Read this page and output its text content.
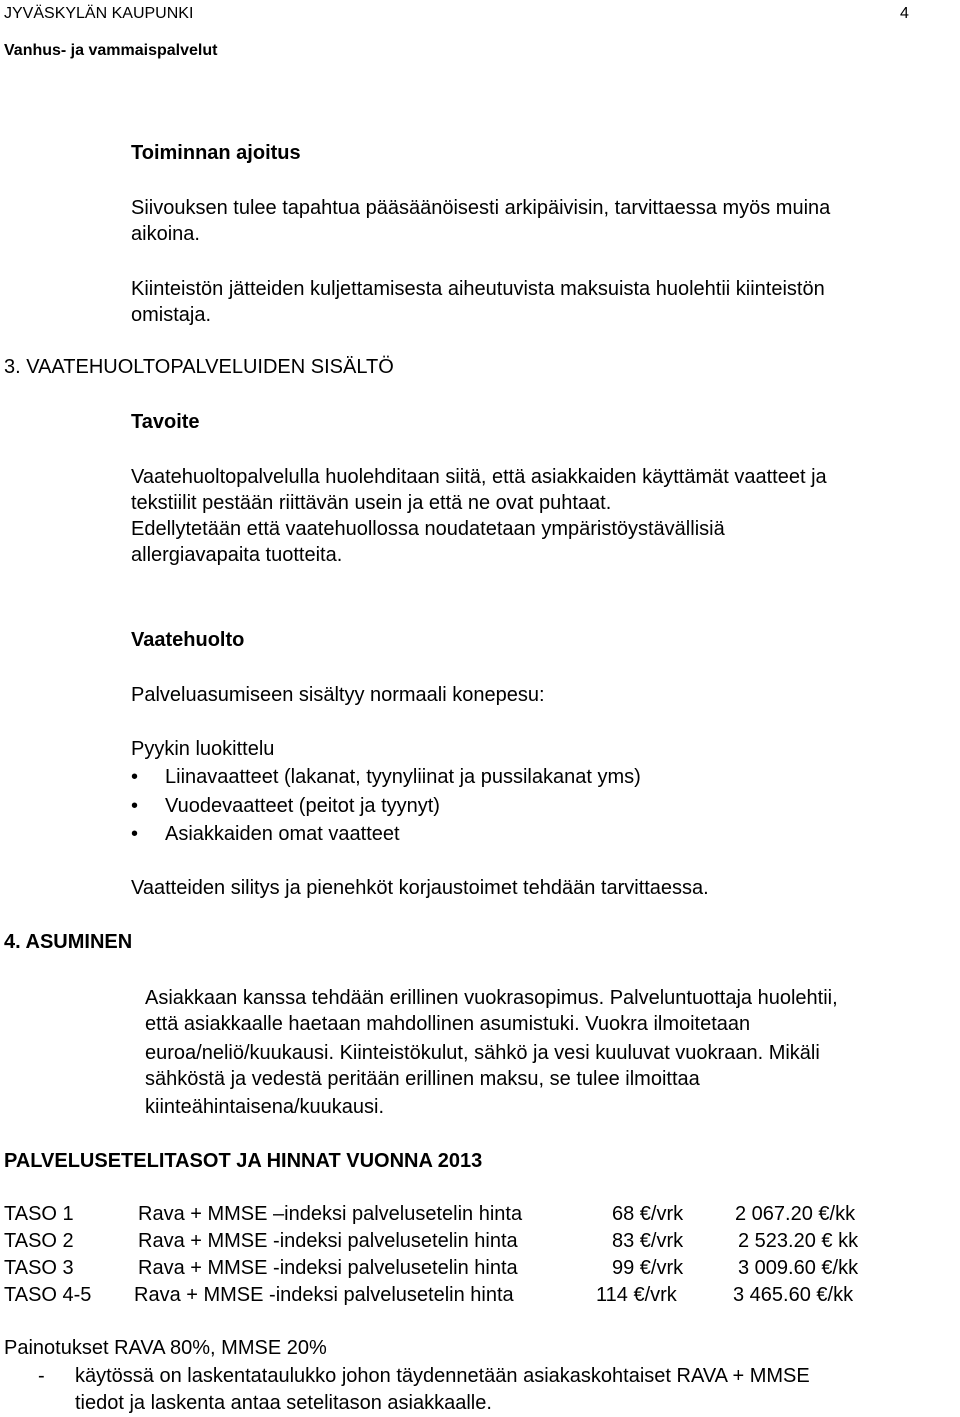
JYVÄSKYLÄN KAUPUNKI	4
Vanhus- ja vammaispalvelut
Toiminnan ajoitus
Siivouksen tulee tapahtua pääsäänöisesti arkipäivisin, tarvittaessa myös muina
aikoina.
Kiinteistön jätteiden kuljettamisesta aiheutuvista maksuista huolehtii kiinteistön
omistaja.
3. VAATEHUOLTOPALVELUIDEN SISÄLTÖ
Tavoite
Vaatehuoltopalvelulla huolehditaan siitä, että asiakkaiden käyttämät vaatteet ja
tekstiilit pestään riittävän usein ja että ne ovat puhtaat.
Edellytetään että vaatehuollossa noudatetaan ympäristöystävällisiä
allergiavapaita tuotteita.
Vaatehuolto
Palveluasumiseen sisältyy normaali konepesu:
Pyykin luokittelu
•	Liinavaatteet (lakanat, tyynyliinat ja pussilakanat yms)
•	Vuodevaatteet (peitot ja tyynyt)
•	Asiakkaiden omat vaatteet
Vaatteiden silitys ja pienehköt korjaustoimet tehdään tarvittaessa.
4. ASUMINEN
Asiakkaan kanssa tehdään erillinen vuokrasopimus. Palveluntuottaja huolehtii,
että asiakkaalle haetaan mahdollinen asumistuki. Vuokra ilmoitetaan
euroa/neliö/kuukausi. Kiinteistökulut, sähkö ja vesi kuuluvat vuokraan. Mikäli
sähköstä ja vedestä peritään erillinen maksu, se tulee ilmoittaa
kiinteähintaisena/kuukausi.
PALVELUSETELITASOT JA HINNAT VUONNA 2013
TASO 1	Rava + MMSE –indeksi palvelusetelin hinta	68 €/vrk	2 067.20 €/kk
TASO 2	Rava + MMSE -indeksi palvelusetelin hinta	83 €/vrk	2 523.20 € kk
TASO 3	Rava + MMSE -indeksi palvelusetelin hinta	99 €/vrk	3 009.60 €/kk
TASO 4-5 Rava + MMSE -indeksi palvelusetelin hinta	114 €/vrk	3 465.60 €/kk
Painotukset RAVA 80%, MMSE 20%
- käytössä on laskentataulukko johon täydennetään asiakaskohtaiset RAVA + MMSE
tiedot ja laskenta antaa setelitason asiakkaalle.
